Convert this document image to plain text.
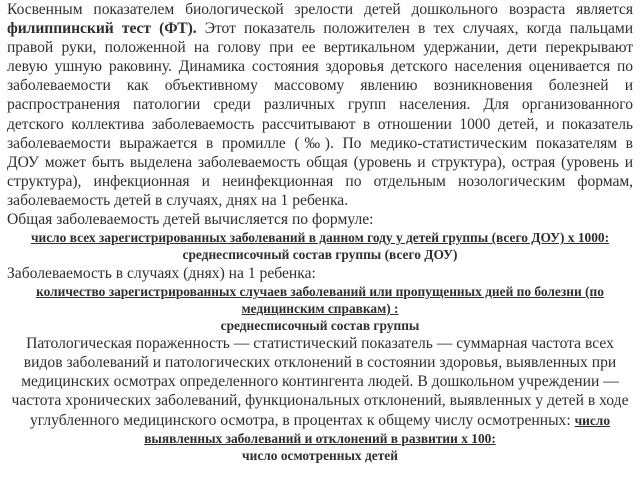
Косвенным показателем биологической зрелости детей дошкольного возраста является
филиппинский тест (ФТ). Этот показатель положителен в тех случаях, когда пальцами
правой руки, положенной на голову при ее вертикальном удержании, дети перекрывают
левую ушную раковину. Динамика состояния здоровья детского населения оценивается по
заболеваемости как объективному массовому явлению возникновения болезней и
распространения патологии среди различных групп населения. Для организованного
детского коллектива заболеваемость рассчитывают в отношении 1000 детей, и показатель
заболеваемости выражается в промилле (‰). По медико-статистическим показателям в
ДОУ может быть выделена заболеваемость общая (уровень и структура), острая (уровень и
структура), инфекционная и неинфекционная по отдельным нозологическим формам,
заболеваемость детей в случаях, днях на 1 ребенка.
Общая заболеваемость детей вычисляется по формуле:
число всех зарегистрированных заболеваний в данном году у детей группы (всего ДОУ) х 1000:
среднесписочный состав группы (всего ДОУ)
Заболеваемость в случаях (днях) на 1 ребенка:
количество зарегистрированных случаев заболеваний или пропущенных дней по болезни (по
медицинским справкам) :
среднесписочный состав группы
Патологическая пораженность — статистический показатель — суммарная частота всех
видов заболеваний и патологических отклонений в состоянии здоровья, выявленных при
медицинских осмотрах определенного контингента людей. В дошкольном учреждении —
частота хронических заболеваний, функциональных отклонений, выявленных у детей в ходе
углубленного медицинского осмотра, в процентах к общему числу осмотренных: число
выявленных заболеваний и отклонений в развитии х 100:
число осмотренных детей
